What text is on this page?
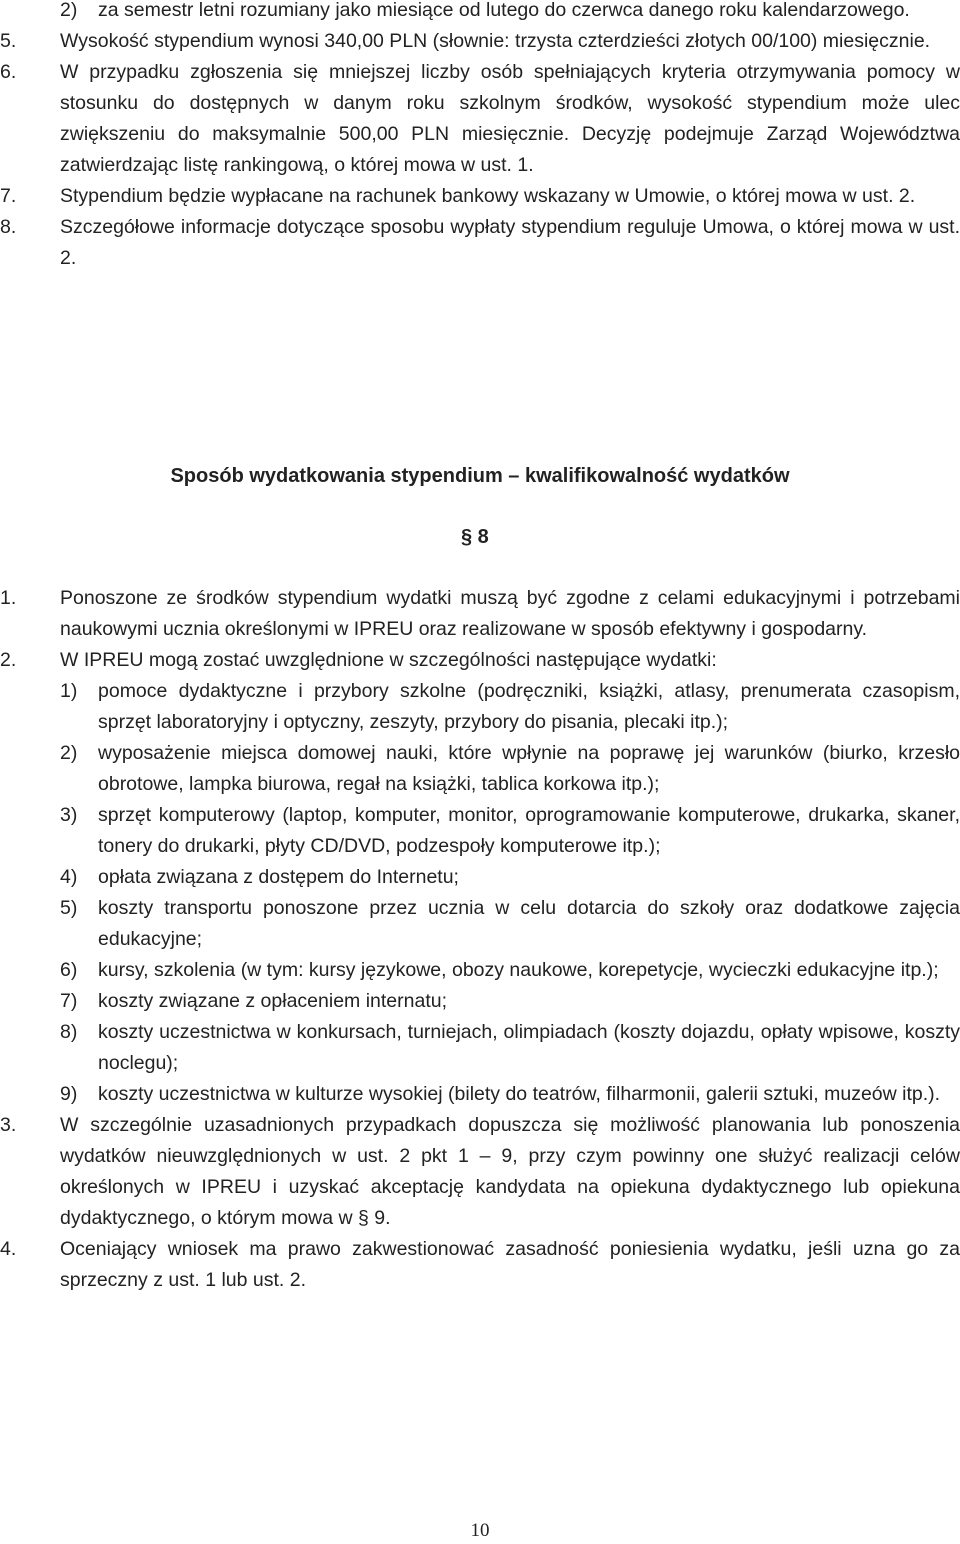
2)	za semestr letni rozumiany jako miesiące od lutego do czerwca danego roku kalendarzowego.
5.	Wysokość stypendium wynosi 340,00 PLN (słownie: trzysta czterdzieści złotych 00/100) miesięcznie.
6.	W przypadku zgłoszenia się mniejszej liczby osób spełniających kryteria otrzymywania pomocy w stosunku do dostępnych w danym roku szkolnym środków, wysokość stypendium może ulec zwiększeniu do maksymalnie 500,00 PLN miesięcznie. Decyzję podejmuje Zarząd Województwa zatwierdzając listę rankingową, o której mowa w ust. 1.
7.	Stypendium będzie wypłacane na rachunek bankowy wskazany w Umowie, o której mowa w ust. 2.
8.	Szczegółowe informacje dotyczące sposobu wypłaty stypendium reguluje Umowa, o której mowa w ust. 2.
Sposób wydatkowania stypendium – kwalifikowalność wydatków
§ 8
1.	Ponoszone ze środków stypendium wydatki muszą być zgodne z celami edukacyjnymi i potrzebami naukowymi ucznia określonymi w IPREU oraz realizowane w sposób efektywny i gospodarny.
2.	W IPREU mogą zostać uwzględnione w szczególności następujące wydatki:
1)	pomoce dydaktyczne i przybory szkolne (podręczniki, książki, atlasy, prenumerata czasopism, sprzęt laboratoryjny i optyczny, zeszyty, przybory do pisania, plecaki itp.);
2)	wyposażenie miejsca domowej nauki, które wpłynie na poprawę jej warunków (biurko, krzesło obrotowe, lampka biurowa, regał na książki, tablica korkowa itp.);
3)	sprzęt komputerowy (laptop, komputer, monitor, oprogramowanie komputerowe, drukarka, skaner, tonery do drukarki, płyty CD/DVD, podzespoły komputerowe itp.);
4)	opłata związana z dostępem do Internetu;
5)	koszty transportu ponoszone przez ucznia w celu dotarcia do szkoły oraz dodatkowe zajęcia edukacyjne;
6)	kursy, szkolenia (w tym: kursy językowe, obozy naukowe, korepetycje, wycieczki edukacyjne itp.);
7)	koszty związane z opłaceniem internatu;
8)	koszty uczestnictwa w konkursach, turniejach, olimpiadach (koszty dojazdu, opłaty wpisowe, koszty noclegu);
9)	koszty uczestnictwa w kulturze wysokiej (bilety do teatrów, filharmonii, galerii sztuki, muzeów itp.).
3.	W szczególnie uzasadnionych przypadkach dopuszcza się możliwość planowania lub ponoszenia wydatków nieuwzględnionych w ust. 2 pkt 1 – 9, przy czym powinny one służyć realizacji celów określonych w IPREU i uzyskać akceptację kandydata na opiekuna dydaktycznego lub opiekuna dydaktycznego, o którym mowa w § 9.
4.	Oceniający wniosek ma prawo zakwestionować zasadność poniesienia wydatku, jeśli uzna go za sprzeczny z ust. 1 lub ust. 2.
10
